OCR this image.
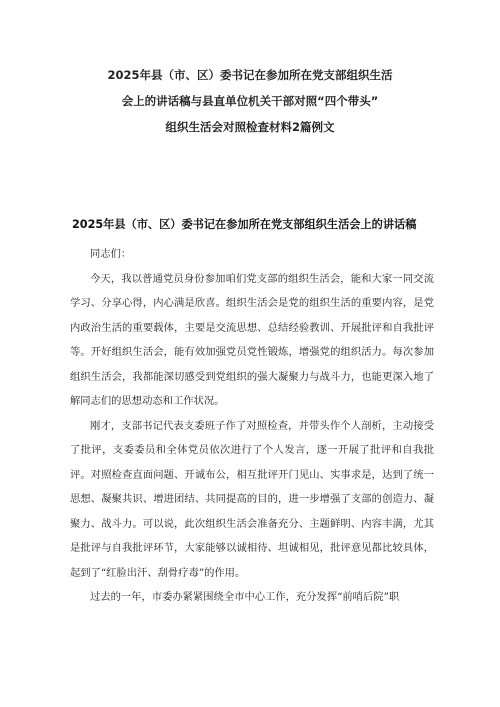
2025年县（市、区）委书记在参加所在党支部组织生活
会上的讲话稿与县直单位机关干部对照“四个带头”
组织生活会对照检查材料2篇例文
2025年县（市、区）委书记在参加所在党支部组织生活会上的讲话稿

同志们：

今天，我以普通党员身份参加咱们党支部的组织生活会，能和大家一同交流学习、分享心得，内心满是欣喜。组织生活会是党的组织生活的重要内容，是党内政治生活的重要载体，主要是交流思想、总结经验教训、开展批评和自我批评等。开好组织生活会，能有效加强党员党性锻炼，增强党的组织活力。每次参加组织生活会，我都能深切感受到党组织的强大凝聚力与战斗力，也能更深入地了解同志们的思想动态和工作状况。

刚才，支部书记代表支委班子作了对照检查，并带头作个人剖析，主动接受了批评，支委委员和全体党员依次进行了个人发言，逐一开展了批评和自我批评。对照检查直面问题、开诚布公，相互批评开门见山、实事求是，达到了统一思想、凝聚共识、增进团结、共同提高的目的，进一步增强了支部的创造力、凝聚力、战斗力。可以说，此次组织生活会准备充分、主题鲜明、内容丰满，尤其是批评与自我批评环节，大家能够以诚相待、坦诚相见，批评意见都比较具体，起到了“红脸出汗、刮骨疗毒”的作用。

过去的一年，市委办紧紧围绕全市中心工作，充分发挥“前哨后院”职
